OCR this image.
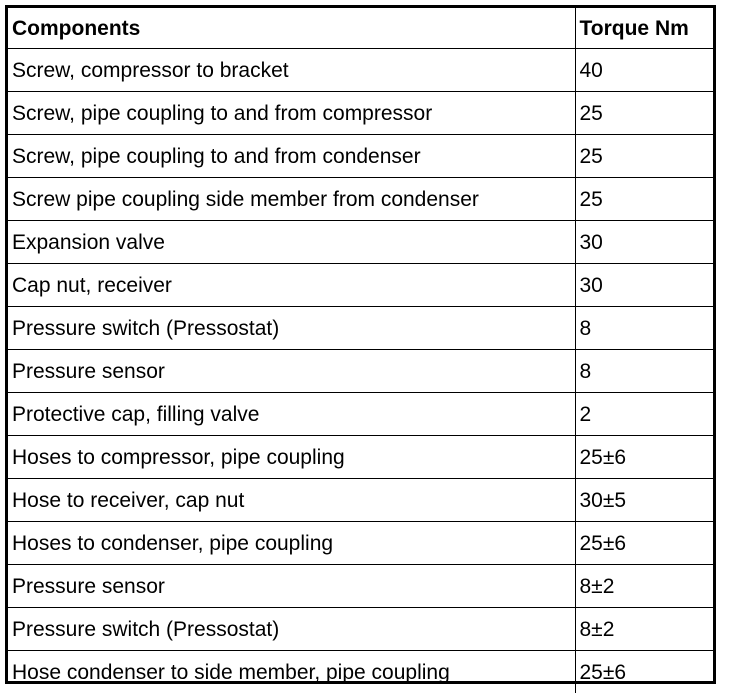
Components	Torque Nm
Screw, compressor to bracket	40
Screw, pipe coupling to and from compressor	25
Screw, pipe coupling to and from condenser	25
Screw pipe coupling side member from condenser	25
Expansion valve	30
Cap nut, receiver	30
Pressure switch (Pressostat)	8
Pressure sensor	8
Protective cap, filling valve	2
Hoses to compressor, pipe coupling	25±6
Hose to receiver, cap nut	30±5
Hoses to condenser, pipe coupling	25±6
Pressure sensor	8±2
Pressure switch (Pressostat)	8±2
Hose condenser to side member, pipe coupling	25±6
